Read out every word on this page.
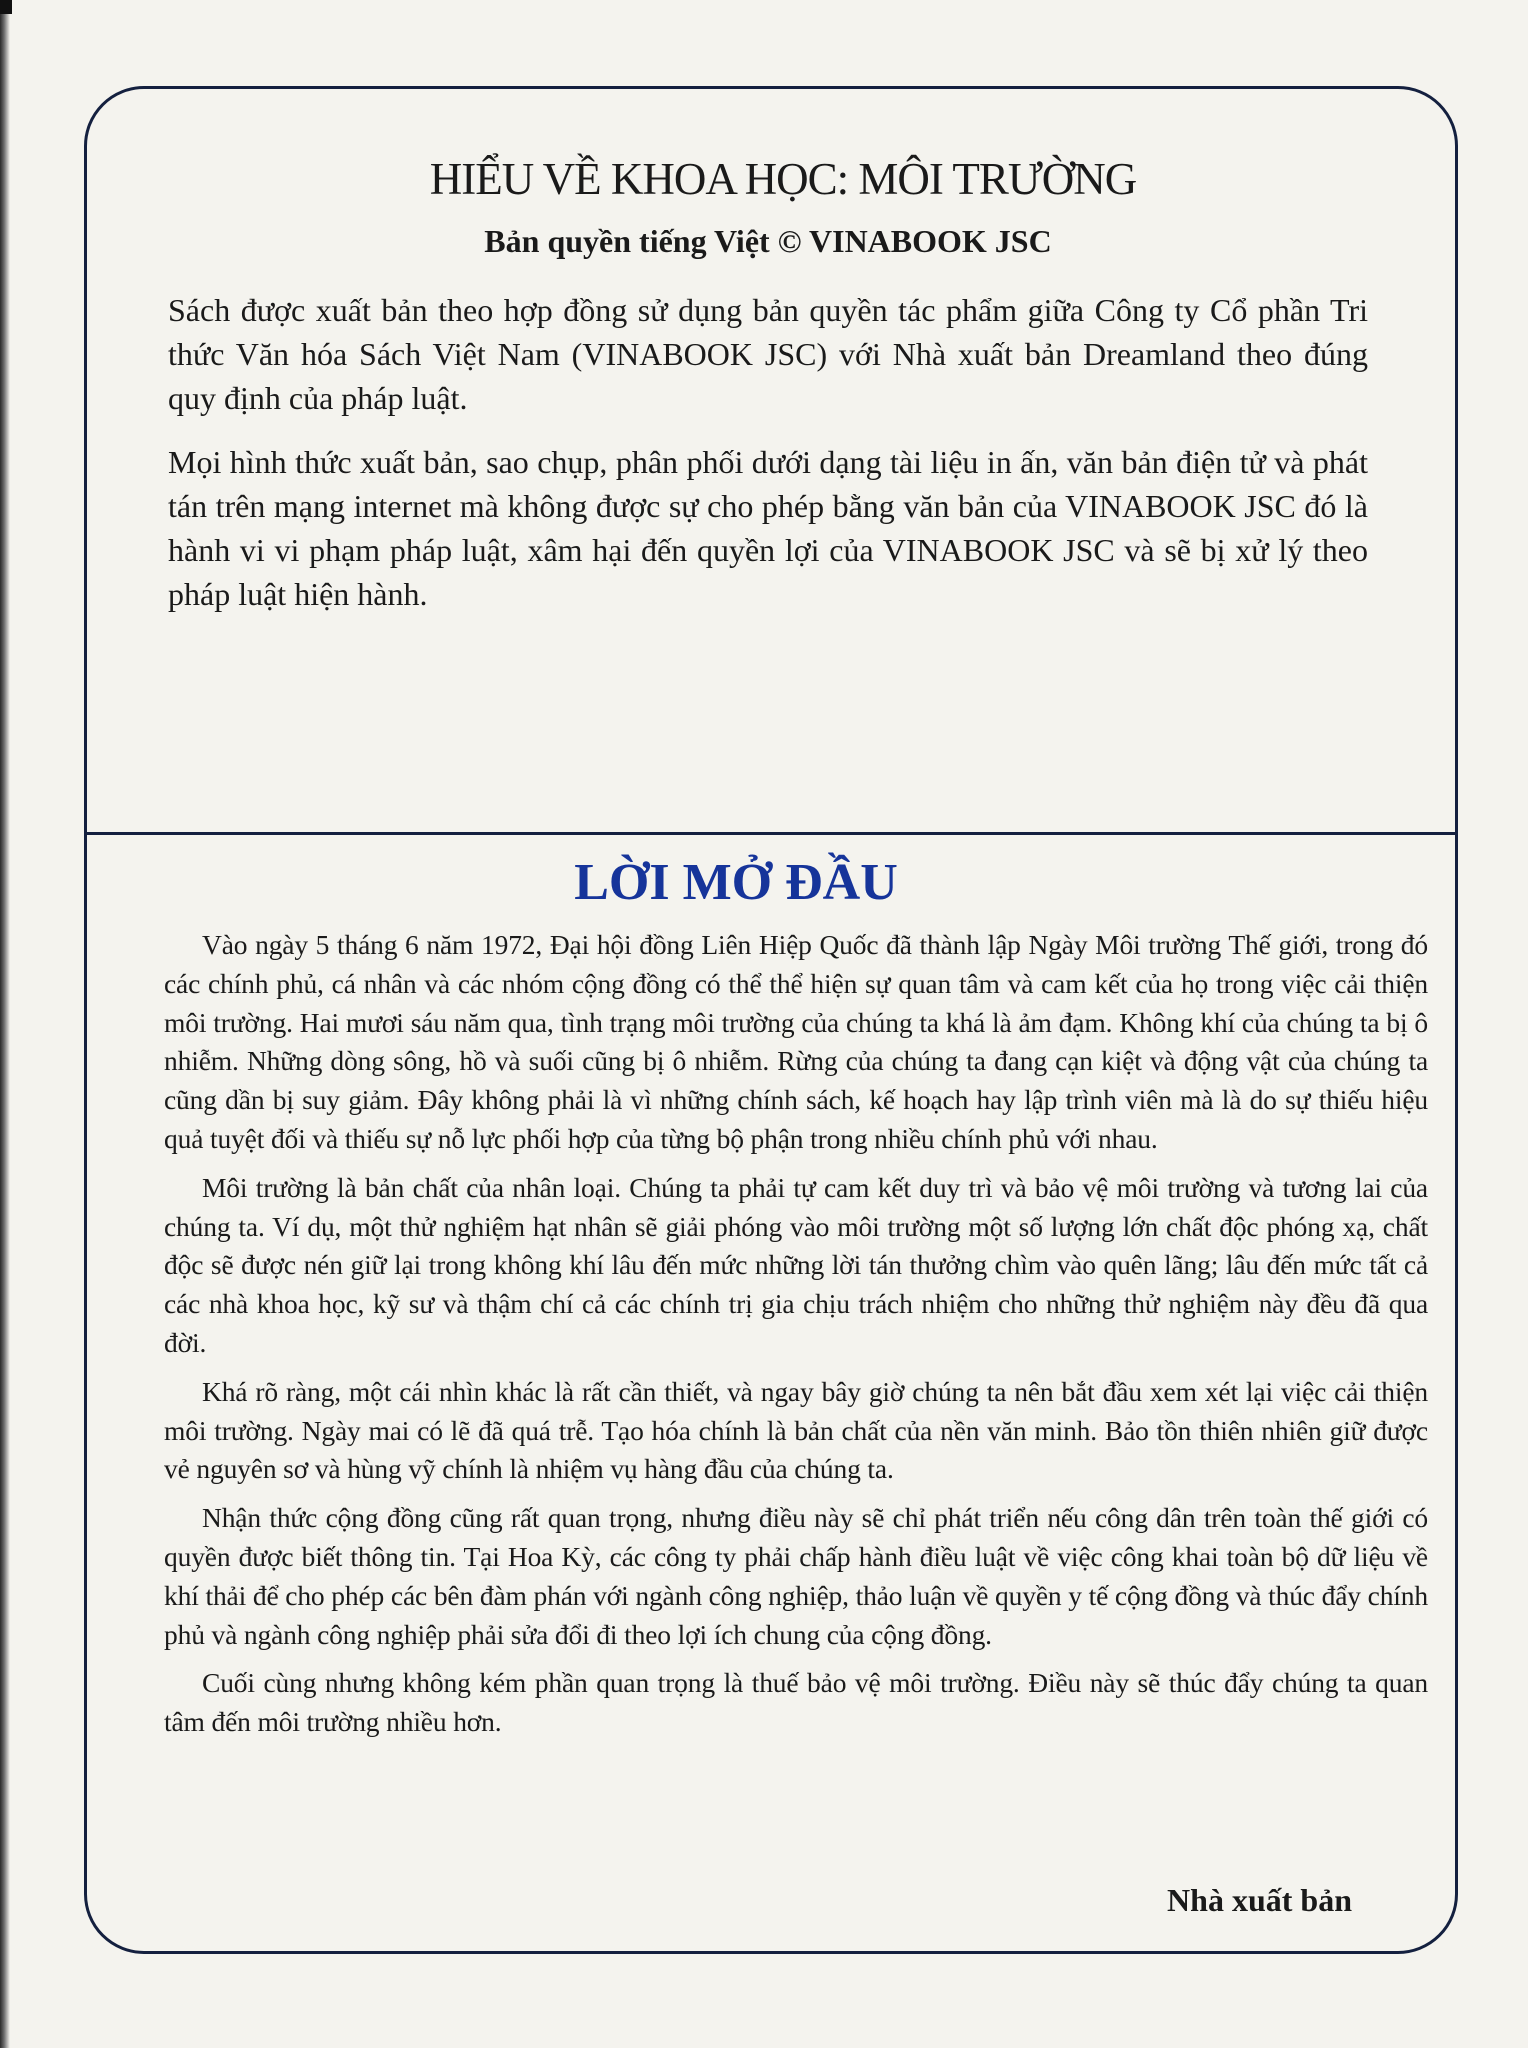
HIỂU VỀ KHOA HỌC: MÔI TRƯỜNG
Bản quyền tiếng Việt © VINABOOK JSC

Sách được xuất bản theo hợp đồng sử dụng bản quyền tác phẩm giữa Công ty Cổ phần Tri thức Văn hóa Sách Việt Nam (VINABOOK JSC) với Nhà xuất bản Dreamland theo đúng quy định của pháp luật.

Mọi hình thức xuất bản, sao chụp, phân phối dưới dạng tài liệu in ấn, văn bản điện tử và phát tán trên mạng internet mà không được sự cho phép bằng văn bản của VINABOOK JSC đó là hành vi vi phạm pháp luật, xâm hại đến quyền lợi của VINABOOK JSC và sẽ bị xử lý theo pháp luật hiện hành.

LỜI MỞ ĐẦU

Vào ngày 5 tháng 6 năm 1972, Đại hội đồng Liên Hiệp Quốc đã thành lập Ngày Môi trường Thế giới, trong đó các chính phủ, cá nhân và các nhóm cộng đồng có thể thể hiện sự quan tâm và cam kết của họ trong việc cải thiện môi trường. Hai mươi sáu năm qua, tình trạng môi trường của chúng ta khá là ảm đạm. Không khí của chúng ta bị ô nhiễm. Những dòng sông, hồ và suối cũng bị ô nhiễm. Rừng của chúng ta đang cạn kiệt và động vật của chúng ta cũng dần bị suy giảm. Đây không phải là vì những chính sách, kế hoạch hay lập trình viên mà là do sự thiếu hiệu quả tuyệt đối và thiếu sự nỗ lực phối hợp của từng bộ phận trong nhiều chính phủ với nhau.

Môi trường là bản chất của nhân loại. Chúng ta phải tự cam kết duy trì và bảo vệ môi trường và tương lai của chúng ta. Ví dụ, một thử nghiệm hạt nhân sẽ giải phóng vào môi trường một số lượng lớn chất độc phóng xạ, chất độc sẽ được nén giữ lại trong không khí lâu đến mức những lời tán thưởng chìm vào quên lãng; lâu đến mức tất cả các nhà khoa học, kỹ sư và thậm chí cả các chính trị gia chịu trách nhiệm cho những thử nghiệm này đều đã qua đời.

Khá rõ ràng, một cái nhìn khác là rất cần thiết, và ngay bây giờ chúng ta nên bắt đầu xem xét lại việc cải thiện môi trường. Ngày mai có lẽ đã quá trễ. Tạo hóa chính là bản chất của nền văn minh. Bảo tồn thiên nhiên giữ được vẻ nguyên sơ và hùng vỹ chính là nhiệm vụ hàng đầu của chúng ta.

Nhận thức cộng đồng cũng rất quan trọng, nhưng điều này sẽ chỉ phát triển nếu công dân trên toàn thế giới có quyền được biết thông tin. Tại Hoa Kỳ, các công ty phải chấp hành điều luật về việc công khai toàn bộ dữ liệu về khí thải để cho phép các bên đàm phán với ngành công nghiệp, thảo luận về quyền y tế cộng đồng và thúc đẩy chính phủ và ngành công nghiệp phải sửa đổi đi theo lợi ích chung của cộng đồng.

Cuối cùng nhưng không kém phần quan trọng là thuế bảo vệ môi trường. Điều này sẽ thúc đẩy chúng ta quan tâm đến môi trường nhiều hơn.

Nhà xuất bản
